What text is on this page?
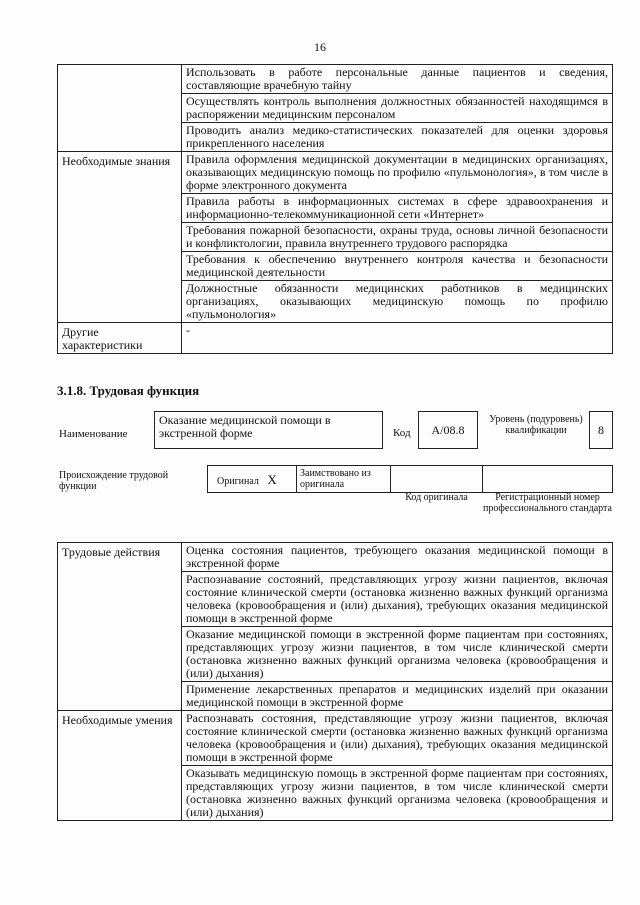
16
	Использовать в работе персональные данные пациентов и сведения, составляющие врачебную тайну
	Осуществлять контроль выполнения должностных обязанностей находящимся в распоряжении медицинским персоналом
	Проводить анализ медико-статистических показателей для оценки здоровья прикрепленного населения
Необходимые знания	Правила оформления медицинской документации в медицинских организациях, оказывающих медицинскую помощь по профилю «пульмонология», в том числе в форме электронного документа
	Правила работы в информационных системах в сфере здравоохранения и информационно-телекоммуникационной сети «Интернет»
	Требования пожарной безопасности, охраны труда, основы личной безопасности и конфликтологии, правила внутреннего трудового распорядка
	Требования к обеспечению внутреннего контроля качества и безопасности медицинской деятельности
	Должностные обязанности медицинских работников в медицинских организациях, оказывающих медицинскую помощь по профилю «пульмонология»
Другие характеристики	-
3.1.8. Трудовая функция
Наименование
Оказание медицинской помощи в экстренной форме	Код	A/08.8
Уровень (подуровень) квалификации	8
Происхождение трудовой функции	Оригинал X	Заимствовано из оригинала
Код оригинала	Регистрационный номер профессионального стандарта
Трудовые действия	Оценка состояния пациентов, требующего оказания медицинской помощи в экстренной форме
	Распознавание состояний, представляющих угрозу жизни пациентов, включая состояние клинической смерти (остановка жизненно важных функций организма человека (кровообращения и (или) дыхания), требующих оказания медицинской помощи в экстренной форме
	Оказание медицинской помощи в экстренной форме пациентам при состояниях, представляющих угрозу жизни пациентов, в том числе клинической смерти (остановка жизненно важных функций организма человека (кровообращения и (или) дыхания)
	Применение лекарственных препаратов и медицинских изделий при оказании медицинской помощи в экстренной форме
Необходимые умения	Распознавать состояния, представляющие угрозу жизни пациентов, включая состояние клинической смерти (остановка жизненно важных функций организма человека (кровообращения и (или) дыхания), требующих оказания медицинской помощи в экстренной форме
	Оказывать медицинскую помощь в экстренной форме пациентам при состояниях, представляющих угрозу жизни пациентов, в том числе клинической смерти (остановка жизненно важных функций организма человека (кровообращения и (или) дыхания)
